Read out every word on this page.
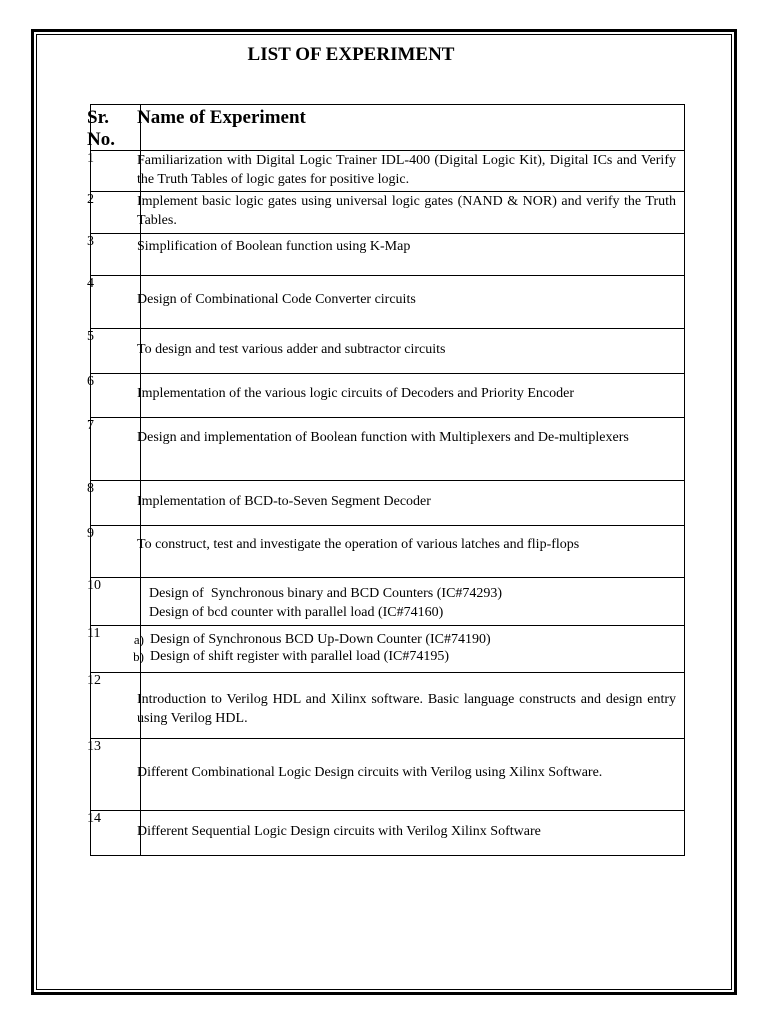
LIST OF EXPERIMENT
Sr. No.	Name of Experiment

1	Familiarization with Digital Logic Trainer IDL-400 (Digital Logic Kit), Digital ICs and Verify the Truth Tables of logic gates for positive logic.

2	Implement basic logic gates using universal logic gates (NAND & NOR) and verify the Truth Tables.

3	Simplification of Boolean function using K-Map

4	Design of Combinational Code Converter circuits

5	To design and test various adder and subtractor circuits

6	Implementation of the various logic circuits of Decoders and Priority Encoder

7	Design and implementation of Boolean function with Multiplexers and De-multiplexers

8	Implementation of BCD-to-Seven Segment Decoder

9	To construct, test and investigate the operation of various latches and flip-flops

10	Design of  Synchronous binary and BCD Counters (IC#74293)
Design of bcd counter with parallel load (IC#74160)

11	a) Design of Synchronous BCD Up-Down Counter (IC#74190)
b) Design of shift register with parallel load (IC#74195)

12	Introduction to Verilog HDL and Xilinx software. Basic language constructs and design entry using Verilog HDL.

13	Different Combinational Logic Design circuits with Verilog using Xilinx Software.

14	Different Sequential Logic Design circuits with Verilog Xilinx Software
